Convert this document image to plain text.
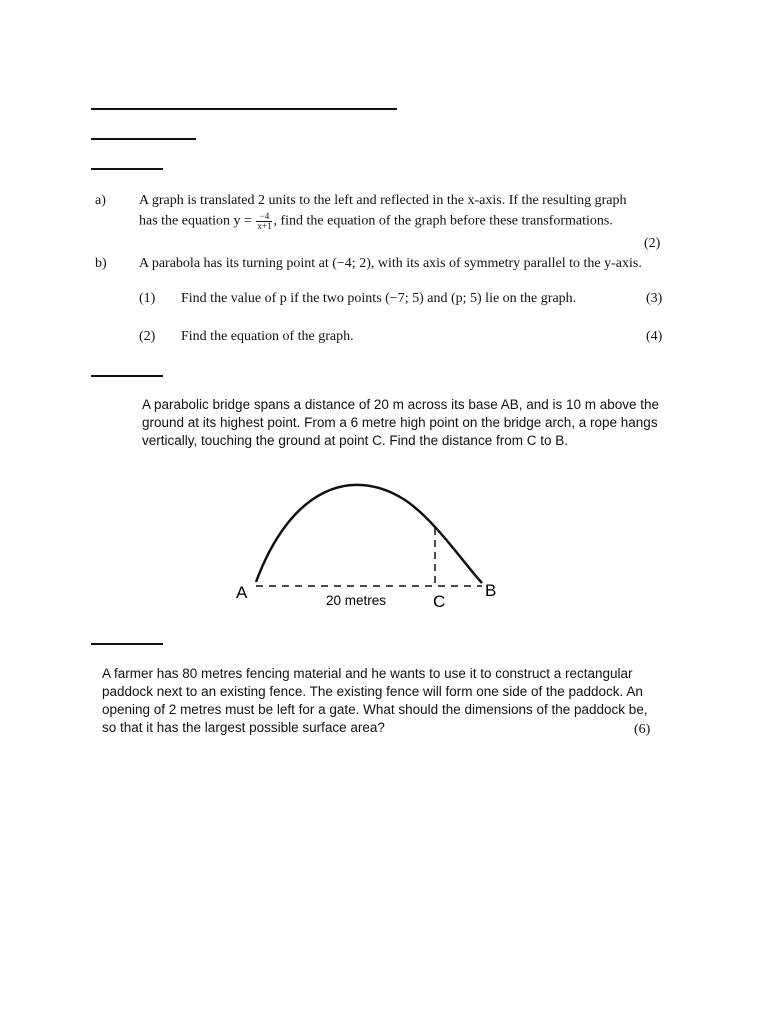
a) A graph is translated 2 units to the left and reflected in the x-axis. If the resulting graph
has the equation $y = \frac{-4}{x+1}$ , find the equation of the graph before these transformations.
(2)
b) A parabola has its turning point at (−4; 2), with its axis of symmetry parallel to the y-axis.
(1) Find the value of p if the two points (−7; 5) and (p; 5) lie on the graph.	(3)
(2) Find the equation of the graph.	(4)
A parabolic bridge spans a distance of 20 m across its base AB, and is 10 m above the
ground at its highest point. From a 6 metre high point on the bridge arch, a rope hangs
vertically, touching the ground at point C. Find the distance from C to B.
A	B
C
20 metres
A farmer has 80 metres fencing material and he wants to use it to construct a rectangular
paddock next to an existing fence. The existing fence will form one side of the paddock. An
opening of 2 metres must be left for a gate. What should the dimensions of the paddock be,
so that it has the largest possible surface area?	(6)
